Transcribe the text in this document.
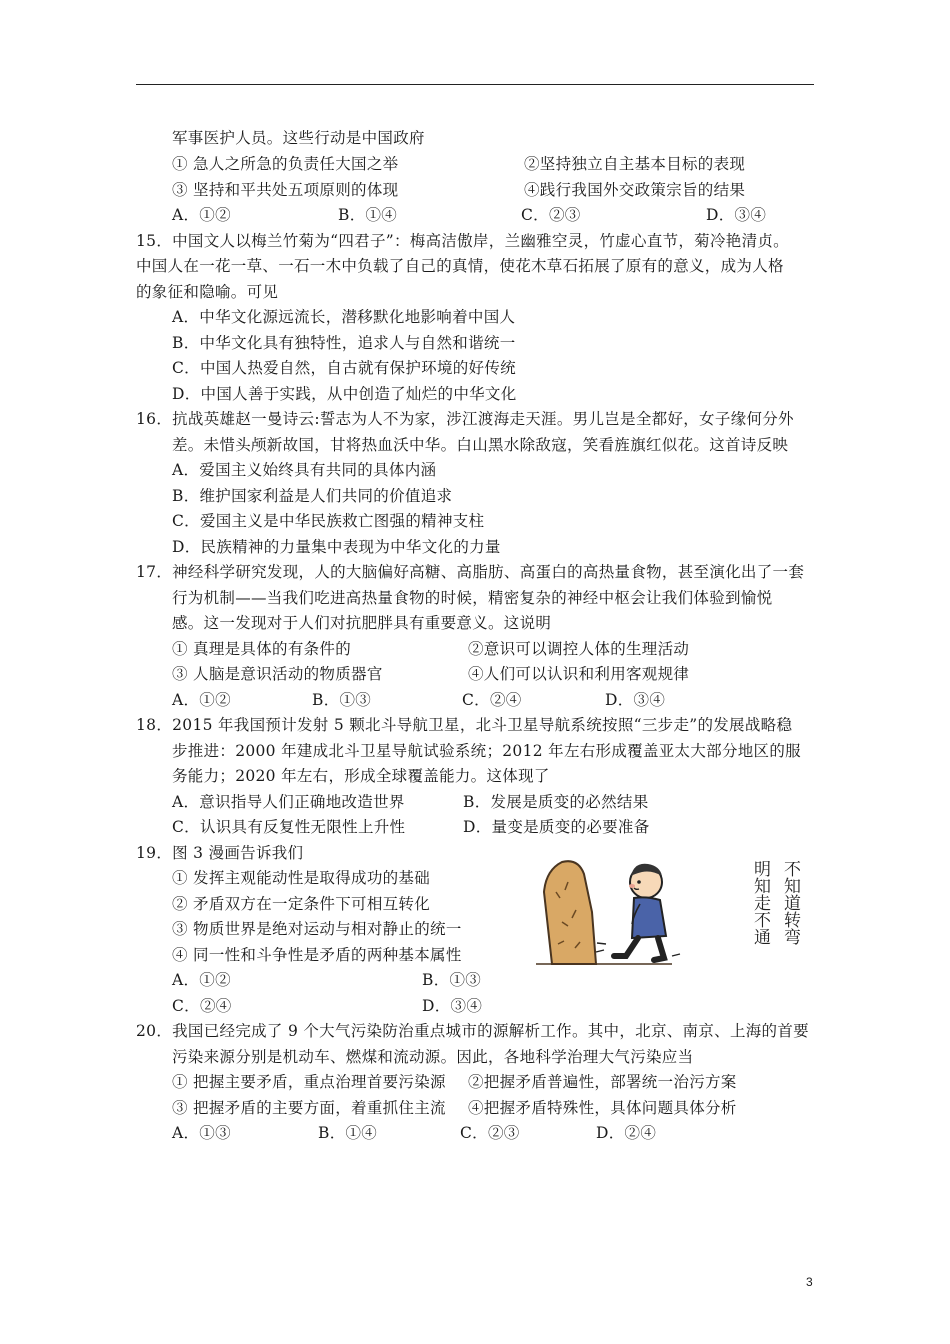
军事医护人员。这些行动是中国政府
① 急人之所急的负责任大国之举	②坚持独立自主基本目标的表现
③ 坚持和平共处五项原则的体现	④践行我国外交政策宗旨的结果
A．①②	B．①④	C．②③	D．③④
15．中国文人以梅兰竹菊为“四君子”：梅高洁傲岸，兰幽雅空灵，竹虚心直节，菊冷艳清贞。
中国人在一花一草、一石一木中负载了自己的真情，使花木草石拓展了原有的意义，成为人格
的象征和隐喻。可见
A．中华文化源远流长，潜移默化地影响着中国人
B．中华文化具有独特性，追求人与自然和谐统一
C．中国人热爱自然，自古就有保护环境的好传统
D．中国人善于实践，从中创造了灿烂的中华文化
16．抗战英雄赵一曼诗云:誓志为人不为家，涉江渡海走天涯。男儿岂是全都好，女子缘何分外
差。未惜头颅新故国，甘将热血沃中华。白山黑水除敌寇，笑看旌旗红似花。这首诗反映
A．爱国主义始终具有共同的具体内涵
B．维护国家利益是人们共同的价值追求
C．爱国主义是中华民族救亡图强的精神支柱
D．民族精神的力量集中表现为中华文化的力量
17．神经科学研究发现，人的大脑偏好高糖、高脂肪、高蛋白的高热量食物，甚至演化出了一套
行为机制——当我们吃进高热量食物的时候，精密复杂的神经中枢会让我们体验到愉悦
感。这一发现对于人们对抗肥胖具有重要意义。这说明
① 真理是具体的有条件的	②意识可以调控人体的生理活动
③ 人脑是意识活动的物质器官	④人们可以认识和利用客观规律
A．①②	B．①③	C．②④	D．③④
18．2015 年我国预计发射 5 颗北斗导航卫星，北斗卫星导航系统按照“三步走”的发展战略稳
步推进：2000 年建成北斗卫星导航试验系统；2012 年左右形成覆盖亚太大部分地区的服
务能力；2020 年左右，形成全球覆盖能力。这体现了
A．意识指导人们正确地改造世界	B．发展是质变的必然结果
C．认识具有反复性无限性上升性	D．量变是质变的必要准备
19．图 3 漫画告诉我们
① 发挥主观能动性是取得成功的基础
② 矛盾双方在一定条件下可相互转化
③ 物质世界是绝对运动与相对静止的统一
④ 同一性和斗争性是矛盾的两种基本属性
A．①②	B．①③
C．②④	D．③④
不知道转弯
明知走不通
20．我国已经完成了 9 个大气污染防治重点城市的源解析工作。其中，北京、南京、上海的首要
污染来源分别是机动车、燃煤和流动源。因此，各地科学治理大气污染应当
① 把握主要矛盾，重点治理首要污染源 ②把握矛盾普遍性，部署统一治污方案
③ 把握矛盾的主要方面，着重抓住主流 ④把握矛盾特殊性，具体问题具体分析
A．①③	B．①④	C．②③	D．②④
3
